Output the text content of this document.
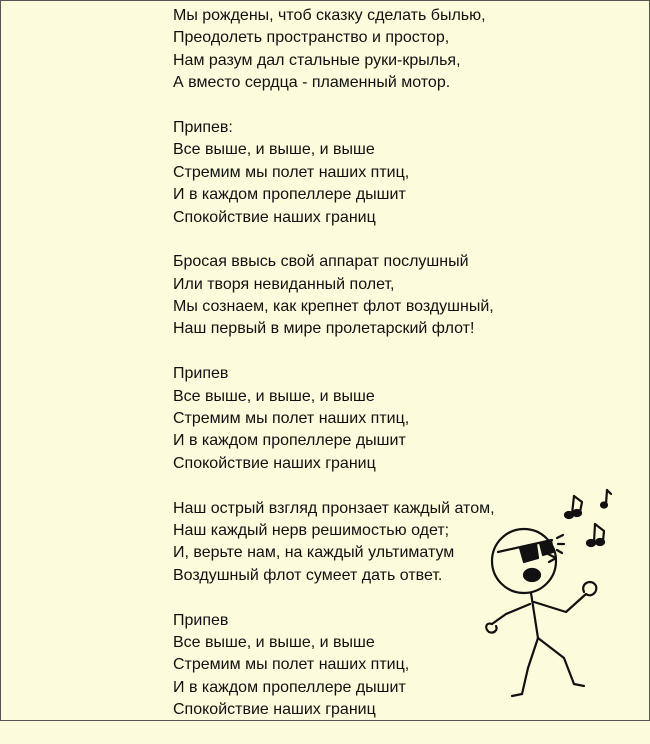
Мы рождены, чтоб сказку сделать былью,
Преодолеть пространство и простор,
Нам разум дал стальные руки-крылья,
А вместо сердца - пламенный мотор.
Припев:
Все выше, и выше, и выше
Стремим мы полет наших птиц,
И в каждом пропеллере дышит
Спокойствие наших границ
Бросая ввысь свой аппарат послушный
Или творя невиданный полет,
Мы сознаем, как крепнет флот воздушный,
Наш первый в мире пролетарский флот!
Припев
Все выше, и выше, и выше
Стремим мы полет наших птиц,
И в каждом пропеллере дышит
Спокойствие наших границ
Наш острый взгляд пронзает каждый атом,
Наш каждый нерв решимостью одет;
И, верьте нам, на каждый ультиматум
Воздушный флот сумеет дать ответ.
Припев
Все выше, и выше, и выше
Стремим мы полет наших птиц,
И в каждом пропеллере дышит
Спокойствие наших границ
